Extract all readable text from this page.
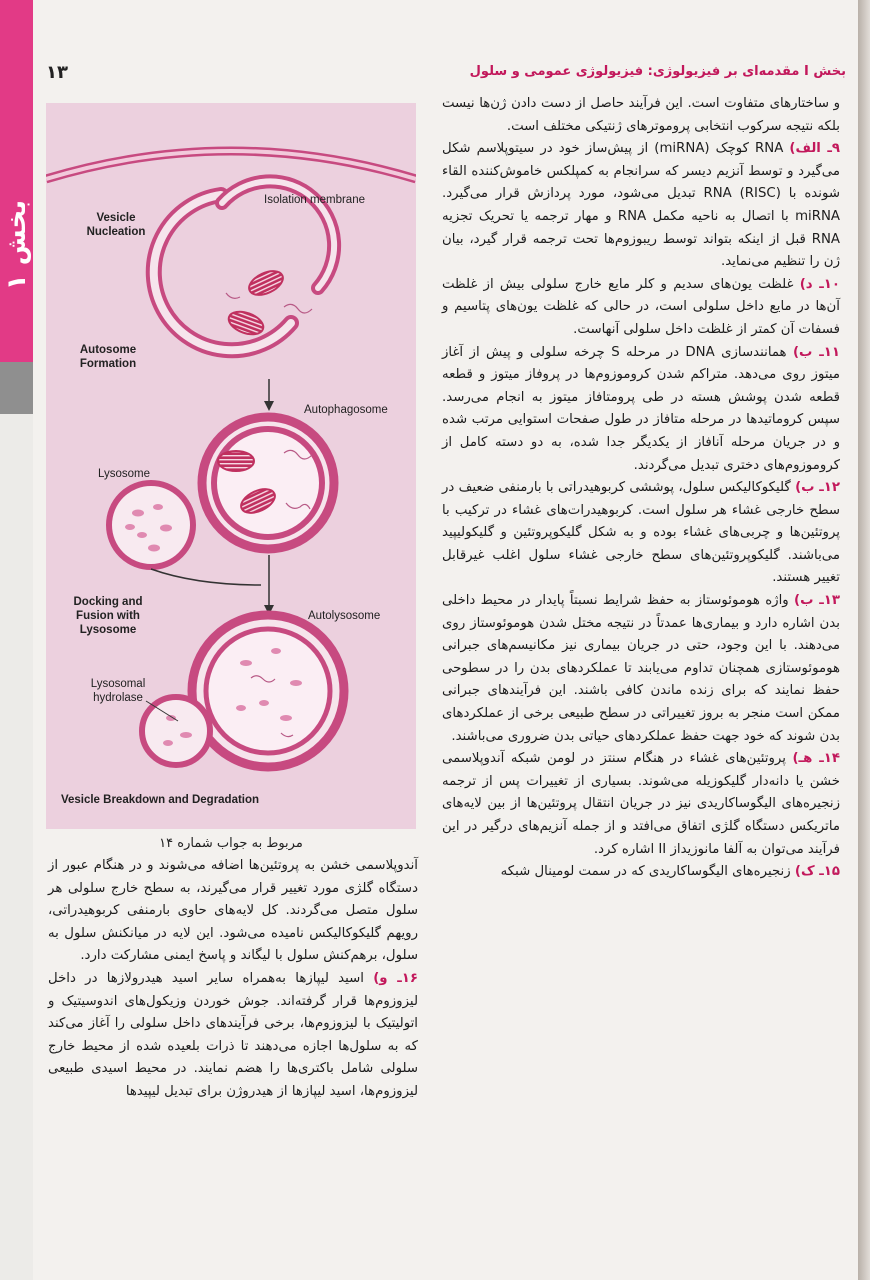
بخش ۱
بخش I مقدمه‌ای بر فیزیولوژی: فیزیولوژی عمومی و سلول
۱۳
Vesicle Nucleation
Isolation membrane
Autosome Formation
Autophagosome
Lysosome
Docking and Fusion with Lysosome
Autolysosome
Lysosomal hydrolase
Vesicle Breakdown and Degradation
مربوط به جواب شماره ۱۴

و ساختارهای متفاوت است. این فرآیند حاصل از دست دادن ژن‌ها نیست بلکه نتیجه سرکوب انتخابی پروموترهای ژنتیکی مختلف است.

۹ـ الف) RNA کوچک (miRNA) از پیش‌ساز خود در سیتوپلاسم شکل می‌گیرد و توسط آنزیم دیسر که سرانجام به کمپلکس خاموش‌کننده القاء شونده با RNA (RISC) تبدیل می‌شود، مورد پردازش قرار می‌گیرد. miRNA با اتصال به ناحیه مکمل RNA و مهار ترجمه یا تحریک تجزیه RNA قبل از اینکه بتواند توسط ریبوزوم‌ها تحت ترجمه قرار گیرد، بیان ژن را تنظیم می‌نماید.

۱۰ـ د) غلظت یون‌های سدیم و کلر مایع خارج سلولی بیش از غلظت آن‌ها در مایع داخل سلولی است، در حالی که غلظت یون‌های پتاسیم و فسفات آن کمتر از غلظت داخل سلولی آنهاست.

۱۱ـ ب) همانندسازی DNA در مرحله S چرخه سلولی و پیش از آغاز میتوز روی می‌دهد. متراکم شدن کروموزوم‌ها در پروفاز میتوز و قطعه قطعه شدن پوشش هسته در طی پرومتافاز میتوز به انجام می‌رسد. سپس کروماتیدها در مرحله متافاز در طول صفحات استوایی مرتب شده و در جریان مرحله آنافاز از یکدیگر جدا شده، به دو دسته کامل از کروموزوم‌های دختری تبدیل می‌گردند.

۱۲ـ ب) گلیکوکالیکس سلول، پوششی کربوهیدراتی با بارمنفی ضعیف در سطح خارجی غشاء هر سلول است. کربوهیدرات‌های غشاء در ترکیب با پروتئین‌ها و چربی‌های غشاء بوده و به شکل گلیکوپروتئین و گلیکولیپید می‌باشند. گلیکوپروتئین‌های سطح خارجی غشاء سلول اغلب غیرقابل تغییر هستند.

۱۳ـ ب) واژه هوموئوستاز به حفظ شرایط نسبتاً پایدار در محیط داخلی بدن اشاره دارد و بیماری‌ها عمدتاً در نتیجه مختل شدن هوموئوستاز روی می‌دهند. با این وجود، حتی در جریان بیماری نیز مکانیسم‌های جبرانی هوموئوستازی همچنان تداوم می‌یابند تا عملکردهای بدن را در سطوحی حفظ نمایند که برای زنده ماندن کافی باشند. این فرآیندهای جبرانی ممکن است منجر به بروز تغییراتی در سطح طبیعی برخی از عملکردهای بدن شوند که خود جهت حفظ عملکردهای حیاتی بدن ضروری می‌باشند.

۱۴ـ هـ) پروتئین‌های غشاء در هنگام سنتز در لومن شبکه آندوپلاسمی خشن یا دانه‌دار گلیکوزیله می‌شوند. بسیاری از تغییرات پس از ترجمه زنجیره‌های الیگوساکاریدی نیز در جریان انتقال پروتئین‌ها از بین لایه‌های ماتریکس دستگاه گلژی اتفاق می‌افتد و از جمله آنزیم‌های درگیر در این فرآیند می‌توان به آلفا مانوزیداز II اشاره کرد.

۱۵ـ ک) زنجیره‌های الیگوساکاریدی که در سمت لومینال شبکه

آندوپلاسمی خشن به پروتئین‌ها اضافه می‌شوند و در هنگام عبور از دستگاه گلژی مورد تغییر قرار می‌گیرند، به سطح خارج سلولی هر سلول متصل می‌گردند. کل لایه‌های حاوی بارمنفی کربوهیدراتی، رویهم گلیکوکالیکس نامیده می‌شود. این لایه در میانکنش سلول به سلول، برهم‌کنش سلول با لیگاند و پاسخ ایمنی مشارکت دارد.

۱۶ـ و) اسید لیپازها به‌همراه سایر اسید هیدرولازها در داخل لیزوزوم‌ها قرار گرفته‌اند. جوش خوردن وزیکول‌های اندوسیتیک و اتولیتیک با لیزوزوم‌ها، برخی فرآیندهای داخل سلولی را آغاز می‌کند که به سلول‌ها اجازه می‌دهند تا ذرات بلعیده شده از محیط خارج سلولی شامل باکتری‌ها را هضم نمایند. در محیط اسیدی طبیعی لیزوزوم‌ها، اسید لیپازها از هیدروژن برای تبدیل لیپیدها
